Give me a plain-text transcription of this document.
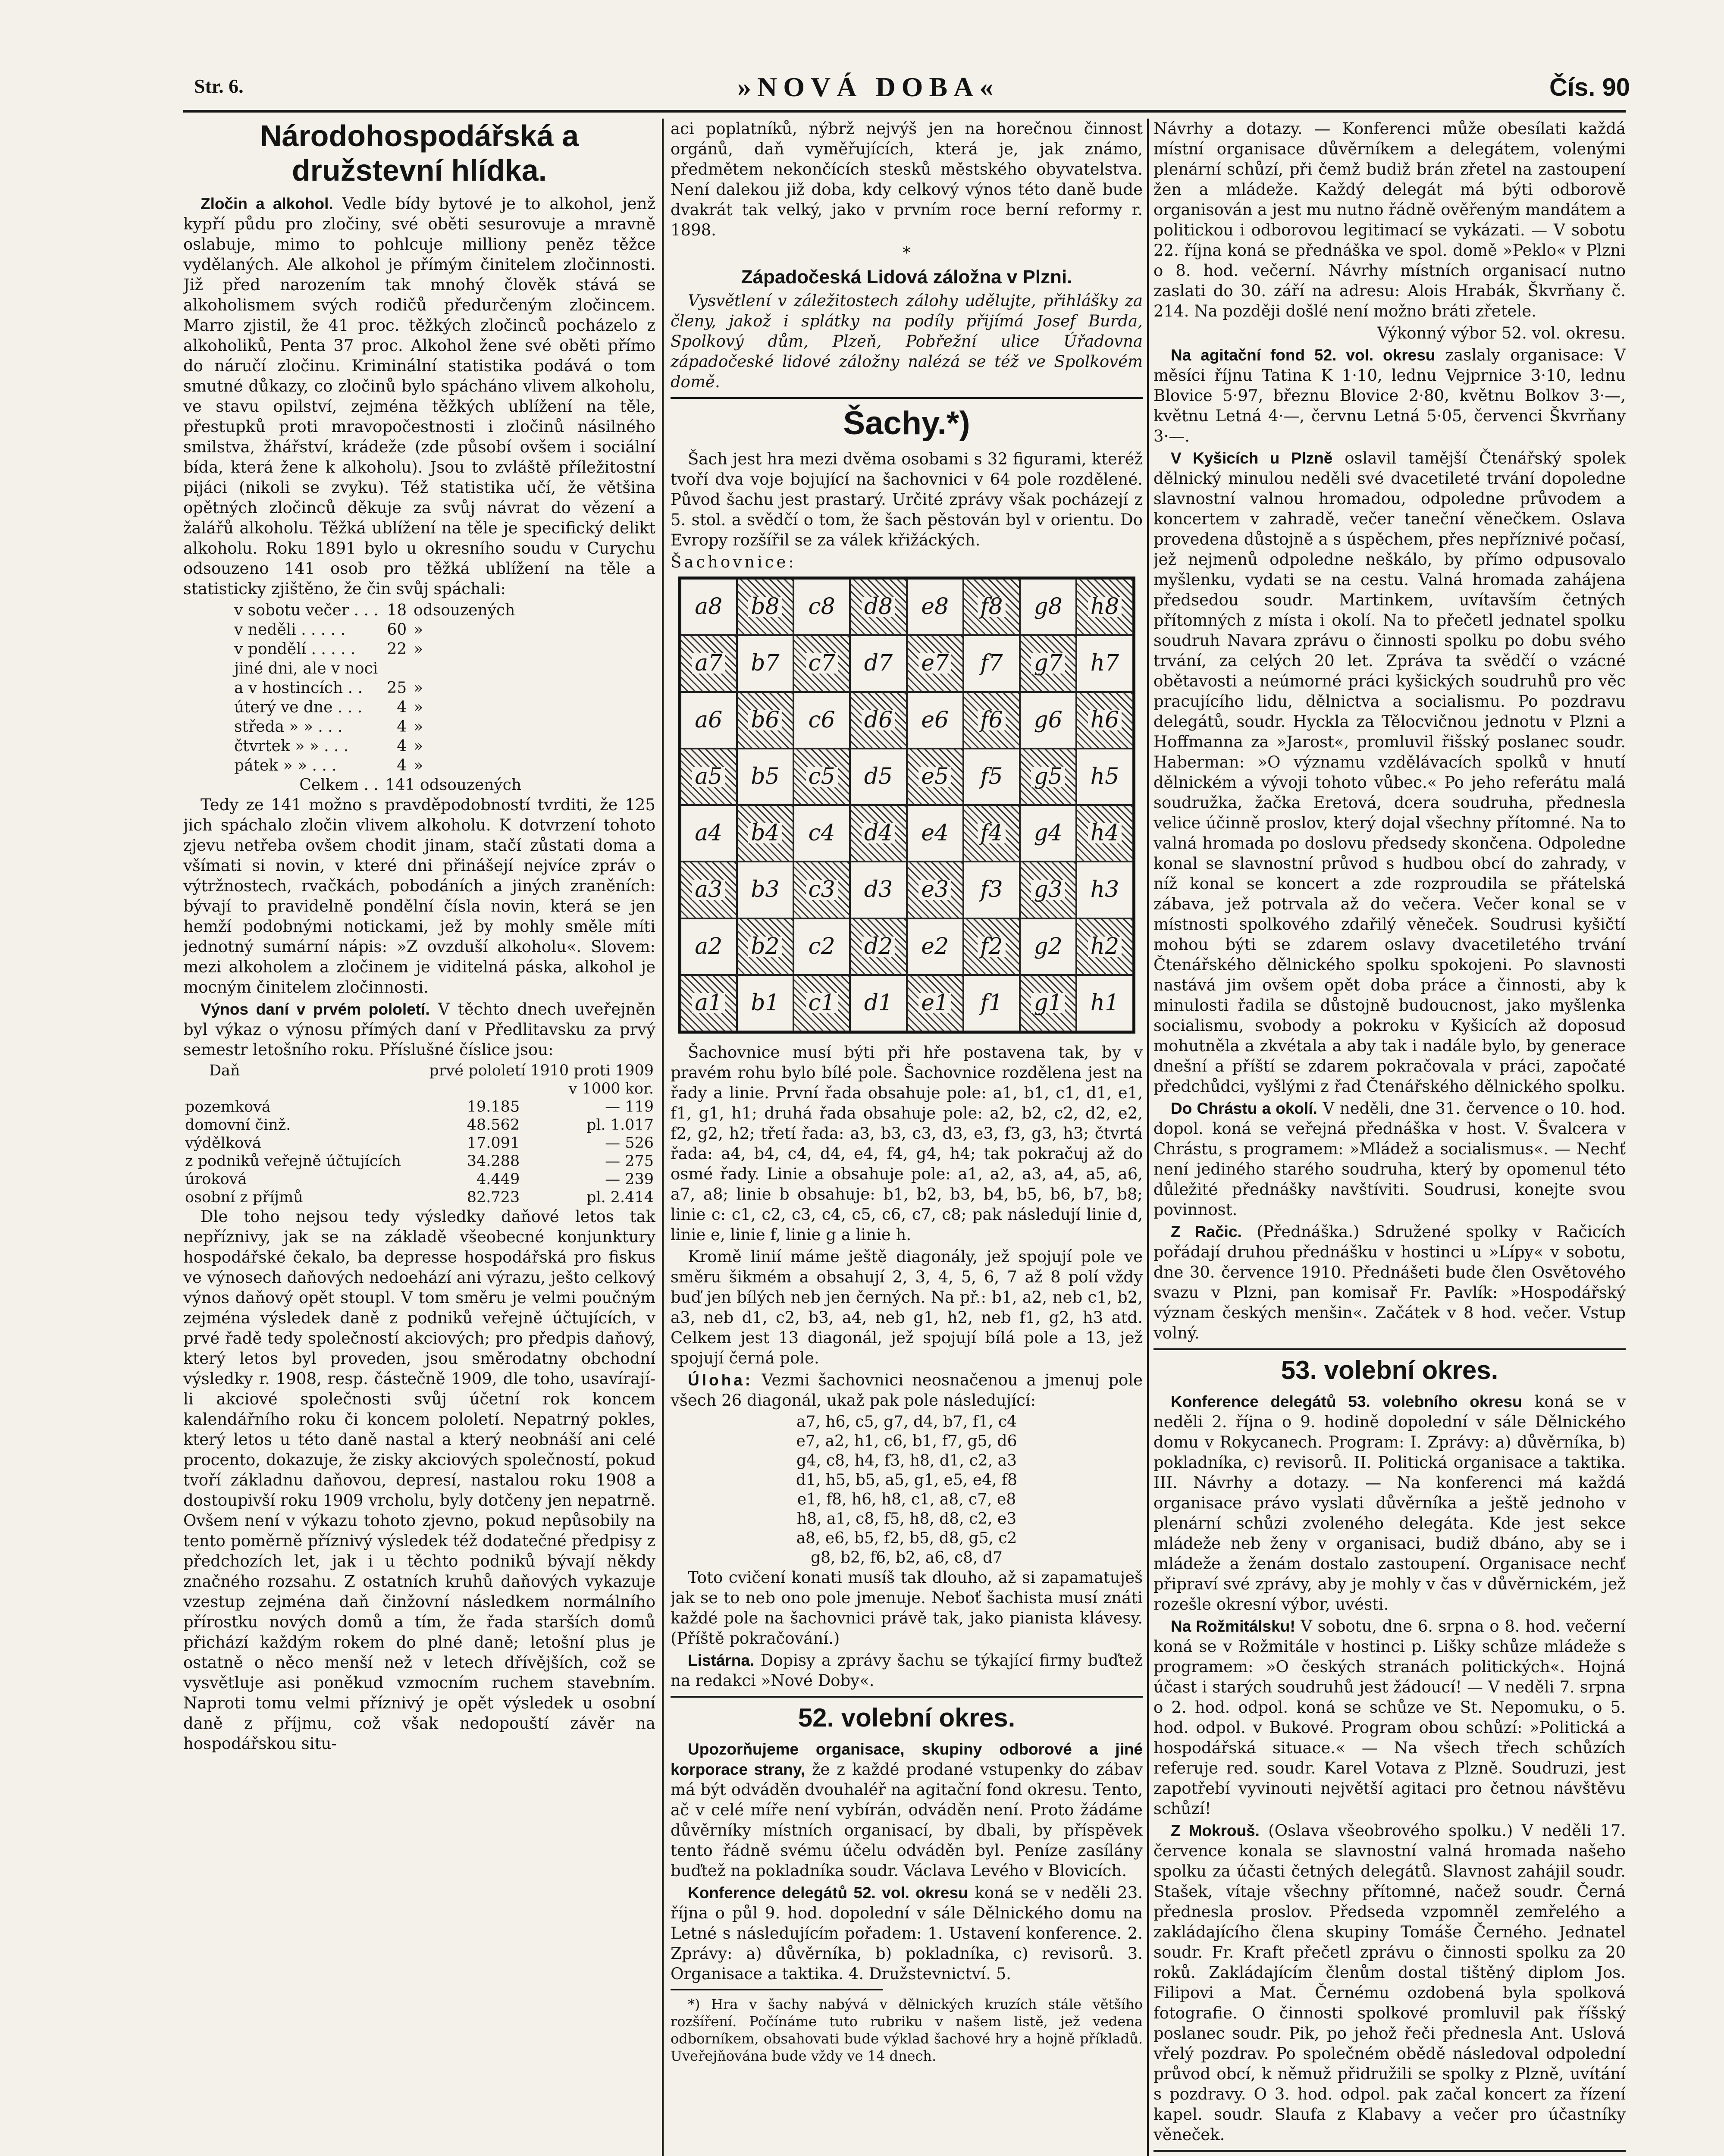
Str. 6.	»NOVÁ DOBA«	Čís. 90
Národohospodářská a družstevní hlídka.

Zločin a alkohol. Vedle bídy bytové je to alkohol, jenž kypří půdu pro zločiny, své oběti sesurovuje a mravně oslabuje, mimo to pohlcuje milliony peněz těžce vydělaných. Ale alkohol je přímým činitelem zločinnosti. Již před narozením tak mnohý člověk stává se alkoholismem svých rodičů předurčeným zločincem. Marro zjistil, že 41 proc. těžkých zločinců pocházelo z alkoholiků, Penta 37 proc. Alkohol žene své oběti přímo do náručí zločinu. Kriminální statistika podává o tom smutné důkazy, co zločinů bylo spácháno vlivem alkoholu, ve stavu opilství, zejména těžkých ublížení na těle, přestupků proti mravopočestnosti i zločinů násilného smilstva, žhářství, krádeže (zde působí ovšem i sociální bída, která žene k alkoholu). Jsou to zvláště příležitostní pijáci (nikoli se zvyku). Též statistika učí, že většina opětných zločinců děkuje za svůj návrat do vězení a žalářů alkoholu. Těžká ublížení na těle je specifický delikt alkoholu. Roku 1891 bylo u okresního soudu v Curychu odsouzeno 141 osob pro těžká ublížení na těle a statisticky zjištěno, že čin svůj spáchali:

v sobotu večer . . .	18	odsouzených
v neděli . . . . .	60	»
v pondělí . . . . .	22	»
jiné dni, ale v noci		
a v hostincích . .	25	»
úterý ve dne . . .	4	»
středa » » . . .	4	»
čtvrtek » » . . .	4	»
pátek » » . . .	4	»
Celkem . .	141 odsouzených	

Tedy ze 141 možno s pravděpodobností tvrditi, že 125 jich spáchalo zločin vlivem alkoholu. K dotvrzení tohoto zjevu netřeba ovšem chodit jinam, stačí zůstati doma a všímati si novin, v které dni přinášejí nejvíce zpráv o výtržnostech, rvačkách, pobodáních a jiných zraněních: bývají to pravidelně pondělní čísla novin, která se jen hemží podobnými notickami, jež by mohly směle míti jednotný sumární nápis: »Z ovzduší alkoholu«. Slovem: mezi alkoholem a zločinem je viditelná páska, alkohol je mocným činitelem zločinnosti.

Výnos daní v prvém pololetí. V těchto dnech uveřejněn byl výkaz o výnosu přímých daní v Předlitavsku za prvý semestr letošního roku. Příslušné číslice jsou:

Daň	prvé pololetí 1910 proti 1909	
	v 1000 kor.	
pozemková	19.185	— 119
domovní činž.	48.562	pl. 1.017
výdělková	17.091	— 526
z podniků veřejně účtujících	34.288	— 275
úroková	4.449	— 239
osobní z příjmů	82.723	pl. 2.414

Dle toho nejsou tedy výsledky daňové letos tak nepříznivy, jak se na základě všeobecné konjunktury hospodářské čekalo, ba depresse hospodářská pro fiskus ve výnosech daňových nedoehází ani výrazu, ješto celkový výnos daňový opět stoupl. V tom směru je velmi poučným zejména výsledek daně z podniků veřejně účtujících, v prvé řadě tedy společností akciových; pro předpis daňový, který letos byl proveden, jsou směrodatny obchodní výsledky r. 1908, resp. částečně 1909, dle toho, usavírají-li akciové společnosti svůj účetní rok koncem kalendářního roku či koncem pololetí. Nepatrný pokles, který letos u této daně nastal a který neobnáší ani celé procento, dokazuje, že zisky akciových společností, pokud tvoří základnu daňovou, depresí, nastalou roku 1908 a dostoupivší roku 1909 vrcholu, byly dotčeny jen nepatrně. Ovšem není v výkazu tohoto zjevno, pokud nepůsobily na tento poměrně příznivý výsledek též dodatečné předpisy z předchozích let, jak i u těchto podniků bývají někdy značného rozsahu. Z ostatních kruhů daňových vykazuje vzestup zejména daň činžovní následkem normálního přírostku nových domů a tím, že řada starších domů přichází každým rokem do plné daně; letošní plus je ostatně o něco menší než v letech dřívějších, což se vysvětluje asi poněkud vzmocním ruchem stavebním. Naproti tomu velmi příznivý je opět výsledek u osobní daně z příjmu, což však nedopouští závěr na hospodářskou situ-

aci poplatníků, nýbrž nejvýš jen na horečnou činnost orgánů, daň vyměřujících, která je, jak známo, předmětem nekončících stesků městského obyvatelstva. Není dalekou již doba, kdy celkový výnos této daně bude dvakrát tak velký, jako v prvním roce berní reformy r. 1898.

*
Západočeská Lidová záložna v Plzni.

Vysvětlení v záležitostech zálohy udělujte, přihlášky za členy, jakož i splátky na podíly přijímá Josef Burda, Spolkový dům, Plzeň, Pobřežní ulice Úřadovna západočeské lidové záložny nalézá se též ve Spolkovém domě.

Šachy.*)

Šach jest hra mezi dvěma osobami s 32 figurami, kteréž tvoří dva voje bojující na šachovnici v 64 pole rozdělené. Původ šachu jest prastarý. Určité zprávy však pocházejí z 5. stol. a svědčí o tom, že šach pěstován byl v orientu. Do Evropy rozšířil se za válek křižáckých.

Šachovnice:

a8 b8 c8 d8 e8 f8 g8 h8
a7 b7 c7 d7 e7 f7 g7 h7
a6 b6 c6 d6 e6 f6 g6 h6
a5 b5 c5 d5 e5 f5 g5 h5
a4 b4 c4 d4 e4 f4 g4 h4
a3 b3 c3 d3 e3 f3 g3 h3
a2 b2 c2 d2 e2 f2 g2 h2
a1 b1 c1 d1 e1 f1 g1 h1

Šachovnice musí býti při hře postavena tak, by v pravém rohu bylo bílé pole. Šachovnice rozdělena jest na řady a linie. První řada obsahuje pole: a1, b1, c1, d1, e1, f1, g1, h1; druhá řada obsahuje pole: a2, b2, c2, d2, e2, f2, g2, h2; třetí řada: a3, b3, c3, d3, e3, f3, g3, h3; čtvrtá řada: a4, b4, c4, d4, e4, f4, g4, h4; tak pokračuj až do osmé řady. Linie a obsahuje pole: a1, a2, a3, a4, a5, a6, a7, a8; linie b obsahuje: b1, b2, b3, b4, b5, b6, b7, b8; linie c: c1, c2, c3, c4, c5, c6, c7, c8; pak následují linie d, linie e, linie f, linie g a linie h.

Kromě linií máme ještě diagonály, jež spojují pole ve směru šikmém a obsahují 2, 3, 4, 5, 6, 7 až 8 polí vždy buď jen bílých neb jen černých. Na př.: b1, a2, neb c1, b2, a3, neb d1, c2, b3, a4, neb g1, h2, neb f1, g2, h3 atd. Celkem jest 13 diagonál, jež spojují bílá pole a 13, jež spojují černá pole.

Úloha: Vezmi šachovnici neosnačenou a jmenuj pole všech 26 diagonál, ukaž pak pole následující:

a7, h6, c5, g7, d4, b7, f1, c4
e7, a2, h1, c6, b1, f7, g5, d6
g4, c8, h4, f3, h8, d1, c2, a3
d1, h5, b5, a5, g1, e5, e4, f8
e1, f8, h6, h8, c1, a8, c7, e8
h8, a1, c8, f5, h8, d8, c2, e3
a8, e6, b5, f2, b5, d8, g5, c2
g8, b2, f6, b2, a6, c8, d7

Toto cvičení konati musíš tak dlouho, až si zapamatuješ jak se to neb ono pole jmenuje. Neboť šachista musí znáti každé pole na šachovnici právě tak, jako pianista klávesy. (Příště pokračování.)

Listárna. Dopisy a zprávy šachu se týkající firmy buďtež na redakci »Nové Doby«.

52. volební okres.

Upozorňujeme organisace, skupiny odborové a jiné korporace strany, že z každé prodané vstupenky do zábav má být odváděn dvouhaléř na agitační fond okresu. Tento, ač v celé míře není vybírán, odváděn není. Proto žádáme důvěrníky místních organisací, by dbali, by příspěvek tento řádně svému účelu odváděn byl. Peníze zasílány buďtež na pokladníka soudr. Václava Levého v Blovicích.

Konference delegátů 52. vol. okresu koná se v neděli 23. října o půl 9. hod. dopolední v sále Dělnického domu na Letné s následujícím pořadem: 1. Ustavení konference. 2. Zprávy: a) důvěrníka, b) pokladníka, c) revisorů. 3. Organisace a taktika. 4. Družstevnictví. 5.

*) Hra v šachy nabývá v dělnických kruzích stále většího rozšíření. Počínáme tuto rubriku v našem listě, jež vedena odborníkem, obsahovati bude výklad šachové hry a hojně příkladů. Uveřejňována bude vždy ve 14 dnech.

Návrhy a dotazy. — Konferenci může obesílati každá místní organisace důvěrníkem a delegátem, volenými plenární schůzí, při čemž budiž brán zřetel na zastoupení žen a mládeže. Každý delegát má býti odborově organisován a jest mu nutno řádně ověřeným mandátem a politickou i odborovou legitimací se vykázati. — V sobotu 22. října koná se přednáška ve spol. domě »Peklo« v Plzni o 8. hod. večerní. Návrhy místních organisací nutno zaslati do 30. září na adresu: Alois Hrabák, Škvrňany č. 214. Na později došlé není možno bráti zřetele.

Výkonný výbor 52. vol. okresu.

Na agitační fond 52. vol. okresu zaslaly organisace: V měsíci říjnu Tatina K 1·10, lednu Vejprnice 3·10, lednu Blovice 5·97, březnu Blovice 2·80, květnu Bolkov 3·—, květnu Letná 4·—, červnu Letná 5·05, červenci Škvrňany 3·—.

V Kyšicích u Plzně oslavil tamější Čtenářský spolek dělnický minulou neděli své dvacetileté trvání dopoledne slavnostní valnou hromadou, odpoledne průvodem a koncertem v zahradě, večer taneční věnečkem. Oslava provedena důstojně a s úspěchem, přes nepříznivé počasí, jež nejmenů odpoledne neškálo, by přímo odpusovalo myšlenku, vydati se na cestu. Valná hromada zahájena předsedou soudr. Martinkem, uvítavším četných přítomných z místa i okolí. Na to přečetl jednatel spolku soudruh Navara zprávu o činnosti spolku po dobu svého trvání, za celých 20 let. Zpráva ta svědčí o vzácné obětavosti a neúmorné práci kyšických soudruhů pro věc pracujícího lidu, dělnictva a socialismu. Po pozdravu delegátů, soudr. Hyckla za Tělocvičnou jednotu v Plzni a Hoffmanna za »Jarost«, promluvil řišský poslanec soudr. Haberman: »O významu vzdělávacích spolků v hnutí dělnickém a vývoji tohoto vůbec.« Po jeho referátu malá soudružka, žačka Eretová, dcera soudruha, přednesla velice účinně proslov, který dojal všechny přítomné. Na to valná hromada po doslovu předsedy skončena. Odpoledne konal se slavnostní průvod s hudbou obcí do zahrady, v níž konal se koncert a zde rozproudila se přátelská zábava, jež potrvala až do večera. Večer konal se v místnosti spolkového zdařilý věneček. Soudrusi kyšičtí mohou býti se zdarem oslavy dvacetiletého trvání Čtenářského dělnického spolku spokojeni. Po slavnosti nastává jim ovšem opět doba práce a činnosti, aby k minulosti řadila se důstojně budoucnost, jako myšlenka socialismu, svobody a pokroku v Kyšicích až doposud mohutněla a zkvétala a aby tak i nadále bylo, by generace dnešní a příští se zdarem pokračovala v práci, započaté předchůdci, vyšlými z řad Čtenářského dělnického spolku.

Do Chrástu a okolí. V neděli, dne 31. července o 10. hod. dopol. koná se veřejná přednáška v host. V. Švalcera v Chrástu, s programem: »Mládež a socialismus«. — Nechť není jediného starého soudruha, který by opomenul této důležité přednášky navštíviti. Soudrusi, konejte svou povinnost.

Z Račic. (Přednáška.) Sdružené spolky v Račicích pořádají druhou přednášku v hostinci u »Lípy« v sobotu, dne 30. července 1910. Přednášeti bude člen Osvětového svazu v Plzni, pan komisař Fr. Pavlík: »Hospodářský význam českých menšin«. Začátek v 8 hod. večer. Vstup volný.

53. volební okres.

Konference delegátů 53. volebního okresu koná se v neděli 2. října o 9. hodině dopolední v sále Dělnického domu v Rokycanech. Program: I. Zprávy: a) důvěrníka, b) pokladníka, c) revisorů. II. Politická organisace a taktika. III. Návrhy a dotazy. — Na konferenci má každá organisace právo vyslati důvěrníka a ještě jednoho v plenární schůzi zvoleného delegáta. Kde jest sekce mládeže neb ženy v organisaci, budiž dbáno, aby se i mládeže a ženám dostalo zastoupení. Organisace nechť připraví své zprávy, aby je mohly v čas v důvěrnickém, jež rozešle okresní výbor, uvésti.

Na Rožmitálsku! V sobotu, dne 6. srpna o 8. hod. večerní koná se v Rožmitále v hostinci p. Lišky schůze mládeže s programem: »O českých stranách politických«. Hojná účast i starých soudruhů jest žádoucí! — V neděli 7. srpna o 2. hod. odpol. koná se schůze ve St. Nepomuku, o 5. hod. odpol. v Bukové. Program obou schůzí: »Politická a hospodářská situace.« — Na všech třech schůzích referuje red. soudr. Karel Votava z Plzně. Soudruzi, jest zapotřebí vyvinouti největší agitaci pro četnou návštěvu schůzí!

Z Mokrouš. (Oslava všeobrového spolku.) V neděli 17. července konala se slavnostní valná hromada našeho spolku za účasti četných delegátů. Slavnost zahájil soudr. Stašek, vítaje všechny přítomné, načež soudr. Černá přednesla proslov. Předseda vzpomněl zemřelého a zakládajícího člena skupiny Tomáše Černého. Jednatel soudr. Fr. Kraft přečetl zprávu o činnosti spolku za 20 roků. Zakládajícím členům dostal tištěný diplom Jos. Filipovi a Mat. Černému ozdobená byla spolková fotografie. O činnosti spolkové promluvil pak říšský poslanec soudr. Pik, po jehož řeči přednesla Ant. Uslová vřelý pozdrav. Po společném obědě následoval odpolední průvod obcí, k němuž přidružili se spolky z Plzně, uvítání s pozdravy. O 3. hod. odpol. pak začal koncert za řízení kapel. soudr. Slaufa z Klabavy a večer pro účastníky věneček.
